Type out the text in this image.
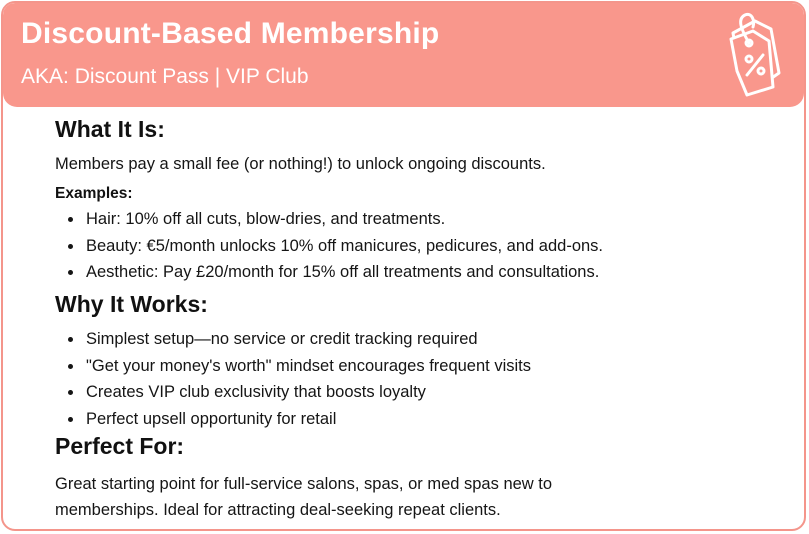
Discount-Based Membership
AKA: Discount Pass | VIP Club
What It Is:

Members pay a small fee (or nothing!) to unlock ongoing discounts.

Examples:

Hair: 10% off all cuts, blow-dries, and treatments.
Beauty: €5/month unlocks 10% off manicures, pedicures, and add-ons.
Aesthetic: Pay £20/month for 15% off all treatments and consultations.
Why It Works:
Simplest setup—no service or credit tracking required
"Get your money's worth" mindset encourages frequent visits
Creates VIP club exclusivity that boosts loyalty
Perfect upsell opportunity for retail
Perfect For:

Great starting point for full-service salons, spas, or med spas new to

memberships. Ideal for attracting deal-seeking repeat clients.
